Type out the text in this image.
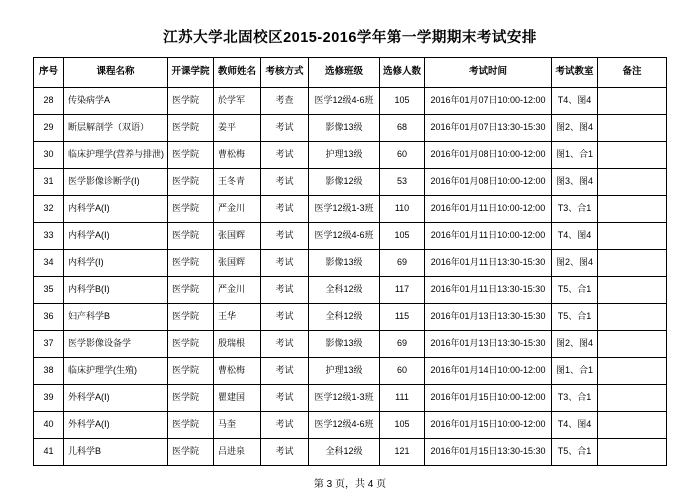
江苏大学北固校区2015-2016学年第一学期期末考试安排
序号	课程名称	开课学院	教师姓名	考核方式	选修班级	选修人数	考试时间	考试教室	备注
28	传染病学A	医学院	於学军	考查	医学12级4-6班	105	2016年01月07日10:00-12:00	T4、图4	
29	断层解剖学（双语）	医学院	姜平	考试	影像13级	68	2016年01月07日13:30-15:30	图2、图4	
30	临床护理学(营养与排泄)	医学院	曹松梅	考试	护理13级	60	2016年01月08日10:00-12:00	图1、合1	
31	医学影像诊断学(Ⅰ)	医学院	王冬青	考试	影像12级	53	2016年01月08日10:00-12:00	图3、图4	
32	内科学A(Ⅰ)	医学院	严金川	考试	医学12级1-3班	110	2016年01月11日10:00-12:00	T3、合1	
33	内科学A(Ⅰ)	医学院	张国辉	考试	医学12级4-6班	105	2016年01月11日10:00-12:00	T4、图4	
34	内科学(Ⅰ)	医学院	张国辉	考试	影像13级	69	2016年01月11日13:30-15:30	图2、图4	
35	内科学B(Ⅰ)	医学院	严金川	考试	全科12级	117	2016年01月11日13:30-15:30	T5、合1	
36	妇产科学B	医学院	王华	考试	全科12级	115	2016年01月13日13:30-15:30	T5、合1	
37	医学影像设备学	医学院	殷瑞根	考试	影像13级	69	2016年01月13日13:30-15:30	图2、图4	
38	临床护理学(生殖)	医学院	曹松梅	考试	护理13级	60	2016年01月14日10:00-12:00	图1、合1	
39	外科学A(Ⅰ)	医学院	瞿建国	考试	医学12级1-3班	111	2016年01月15日10:00-12:00	T3、合1	
40	外科学A(Ⅰ)	医学院	马奎	考试	医学12级4-6班	105	2016年01月15日10:00-12:00	T4、图4	
41	儿科学B	医学院	吕进泉	考试	全科12级	121	2016年01月15日13:30-15:30	T5、合1	
第 3 页，共 4 页
